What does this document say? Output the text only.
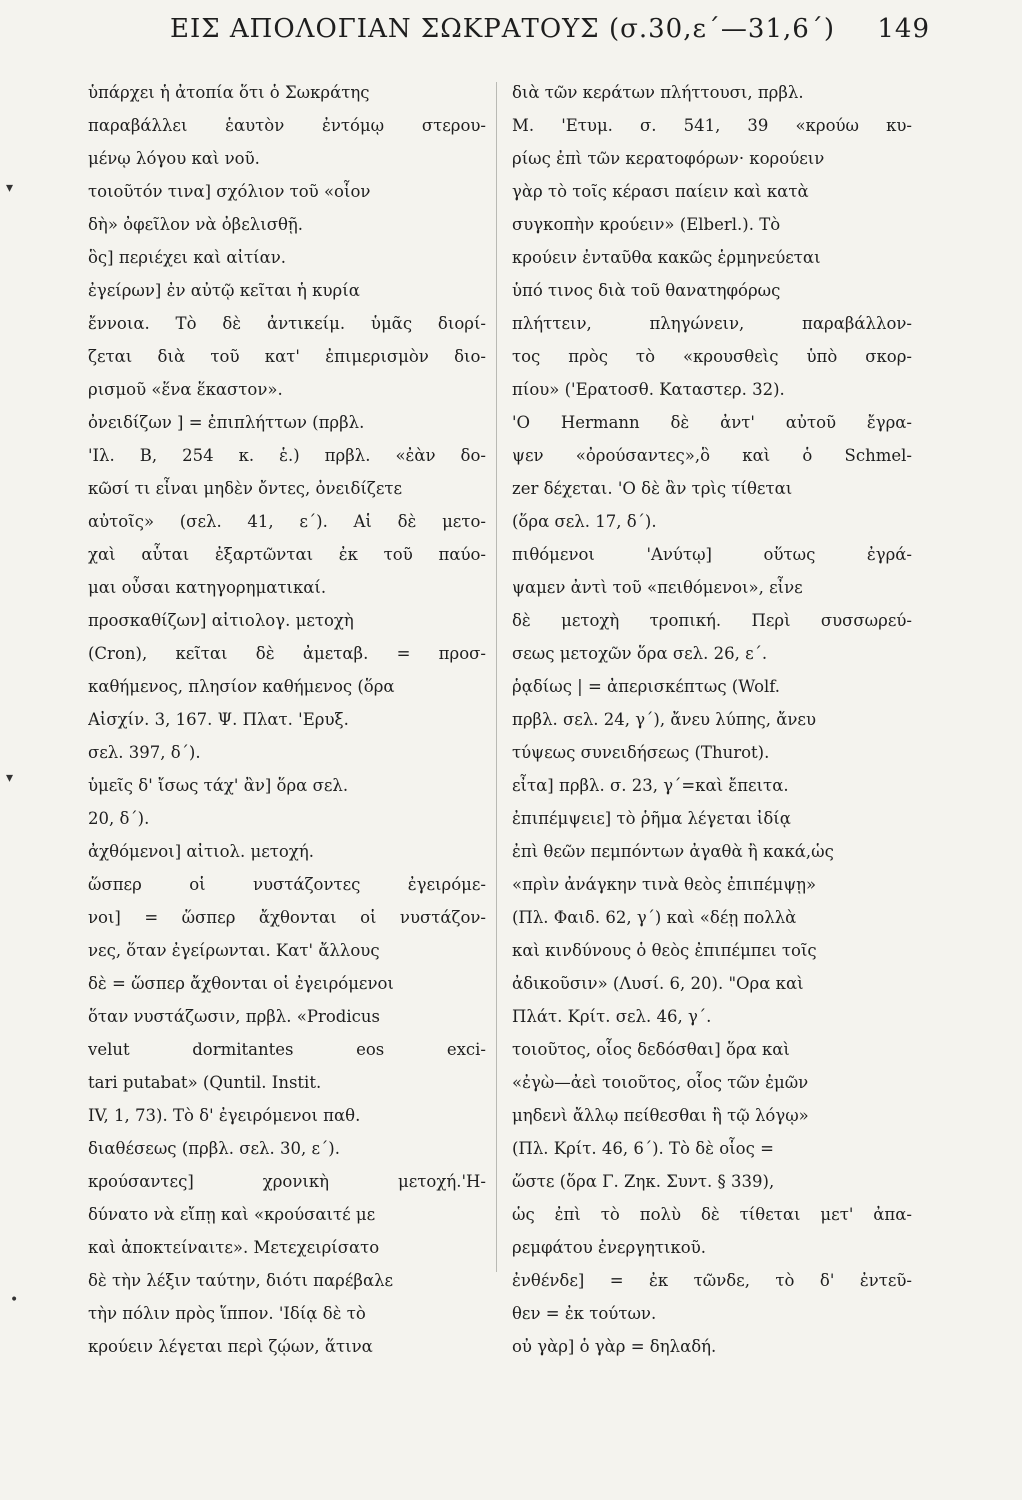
ΕΙΣ ΑΠΟΛΟΓΙΑΝ ΣΩΚΡΑΤΟΥΣ (σ.30,ε΄—31,6΄) 149
▾
▾
•
ὑπάρχει ἡ ἀτοπία ὅτι ὁ Σωκράτης
παραβάλλει ἑαυτὸν ἐντόμῳ στερου-
μένῳ λόγου καὶ νοῦ.
τοιοῦτόν τινα] σχόλιον τοῦ «οἷον
δὴ» ὀφεῖλον νὰ ὀβελισθῇ.
ὃς] περιέχει καὶ αἰτίαν.
ἐγείρων] ἐν αὐτῷ κεῖται ἡ κυρία
ἔννοια. Τὸ δὲ ἀντικείμ. ὑμᾶς διορί-
ζεται διὰ τοῦ κατ' ἐπιμερισμὸν διο-
ρισμοῦ «ἕνα ἕκαστον».
ὀνειδίζων ] = ἐπιπλήττων (πρβλ.
'Ιλ. Β, 254 κ. ἑ.) πρβλ. «ἐὰν δο-
κῶσί τι εἶναι μηδὲν ὄντες, ὀνειδίζετε
αὐτοῖς» (σελ. 41, ε΄). Αἱ δὲ μετο-
χαὶ αὗται ἐξαρτῶνται ἐκ τοῦ παύο-
μαι οὖσαι κατηγορηματικαί.
προσκαθίζων] αἰτιολογ. μετοχὴ
(Cron), κεῖται δὲ ἀμεταβ. = προσ-
καθήμενος, πλησίον καθήμενος (ὅρα
Αἰσχίν. 3, 167. Ψ. Πλατ. 'Ερυξ.
σελ. 397, δ΄).
ὑμεῖς δ' ἴσως τάχ' ἂν] ὅρα σελ.
20, δ΄).
ἀχθόμενοι] αἰτιολ. μετοχή.
ὥσπερ οἱ νυστάζοντες ἐγειρόμε-
νοι] = ὥσπερ ἄχθονται οἱ νυστάζον-
νες, ὅταν ἐγείρωνται. Κατ' ἄλλους
δὲ = ὥσπερ ἄχθονται οἱ ἐγειρόμενοι
ὅταν νυστάζωσιν, πρβλ. «Prodicus
velut dormitantes eos exci-
tari putabat» (Quntil. Instit.
IV, 1, 73). Τὸ δ' ἐγειρόμενοι παθ.
διαθέσεως (πρβλ. σελ. 30, ε΄).
κρούσαντες] χρονικὴ μετοχή.'Η-
δύνατο νὰ εἴπῃ καὶ «κρούσαιτέ με
καὶ ἀποκτείναιτε». Μετεχειρίσατο
δὲ τὴν λέξιν ταύτην, διότι παρέβαλε
τὴν πόλιν πρὸς ἵππον. 'Ιδίᾳ δὲ τὸ
κρούειν λέγεται περὶ ζῴων, ἅτινα
διὰ τῶν κεράτων πλήττουσι, πρβλ.
Μ. 'Ετυμ. σ. 541, 39 «κρούω κυ-
ρίως ἐπὶ τῶν κερατοφόρων· κορούειν
γὰρ τὸ τοῖς κέρασι παίειν καὶ κατὰ
συγκοπὴν κρούειν» (Elberl.). Τὸ
κρούειν ἐνταῦθα κακῶς ἑρμηνεύεται
ὑπό τινος διὰ τοῦ θανατηφόρως
πλήττειν, πληγώνειν, παραβάλλον-
τος πρὸς τὸ «κρουσθεὶς ὑπὸ σκορ-
πίου» ('Ερατοσθ. Καταστερ. 32).
'Ο Hermann δὲ ἀντ' αὐτοῦ ἔγρα-
ψεν «ὀρούσαντες»,ὃ καὶ ὁ Schmel-
zer δέχεται. 'Ο δὲ ἂν τρὶς τίθεται
(ὅρα σελ. 17, δ΄).
πιθόμενοι 'Ανύτῳ] οὕτως ἐγρά-
ψαμεν ἀντὶ τοῦ «πειθόμενοι», εἶνε
δὲ μετοχὴ τροπική. Περὶ συσσωρεύ-
σεως μετοχῶν ὅρα σελ. 26, ε΄.
ῥᾳδίως | = ἀπερισκέπτως (Wolf.
πρβλ. σελ. 24, γ΄), ἄνευ λύπης, ἄνευ
τύψεως συνειδήσεως (Thurot).
εἶτα] πρβλ. σ. 23, γ΄=καὶ ἔπειτα.
ἐπιπέμψειε] τὸ ῥῆμα λέγεται ἰδίᾳ
ἐπὶ θεῶν πεμπόντων ἀγαθὰ ἢ κακά,ὡς
«πρὶν ἀνάγκην τινὰ θεὸς ἐπιπέμψῃ»
(Πλ. Φαιδ. 62, γ΄) καὶ «δέῃ πολλὰ
καὶ κινδύνους ὁ θεὸς ἐπιπέμπει τοῖς
ἀδικοῦσιν» (Λυσί. 6, 20). "Ορα καὶ
Πλάτ. Κρίτ. σελ. 46, γ΄.
τοιοῦτος, οἷος δεδόσθαι] ὅρα καὶ
«ἐγὼ—ἀεὶ τοιοῦτος, οἷος τῶν ἐμῶν
μηδενὶ ἄλλῳ πείθεσθαι ἢ τῷ λόγῳ»
(Πλ. Κρίτ. 46, 6΄). Τὸ δὲ οἷος =
ὥστε (ὅρα Γ. Ζηκ. Συντ. § 339),
ὡς ἐπὶ τὸ πολὺ δὲ τίθεται μετ' ἀπα-
ρεμφάτου ἐνεργητικοῦ.
ἐνθένδε] = ἐκ τῶνδε, τὸ δ' ἐντεῦ-
θεν = ἐκ τούτων.
οὐ γὰρ] ὁ γὰρ = δηλαδή.
